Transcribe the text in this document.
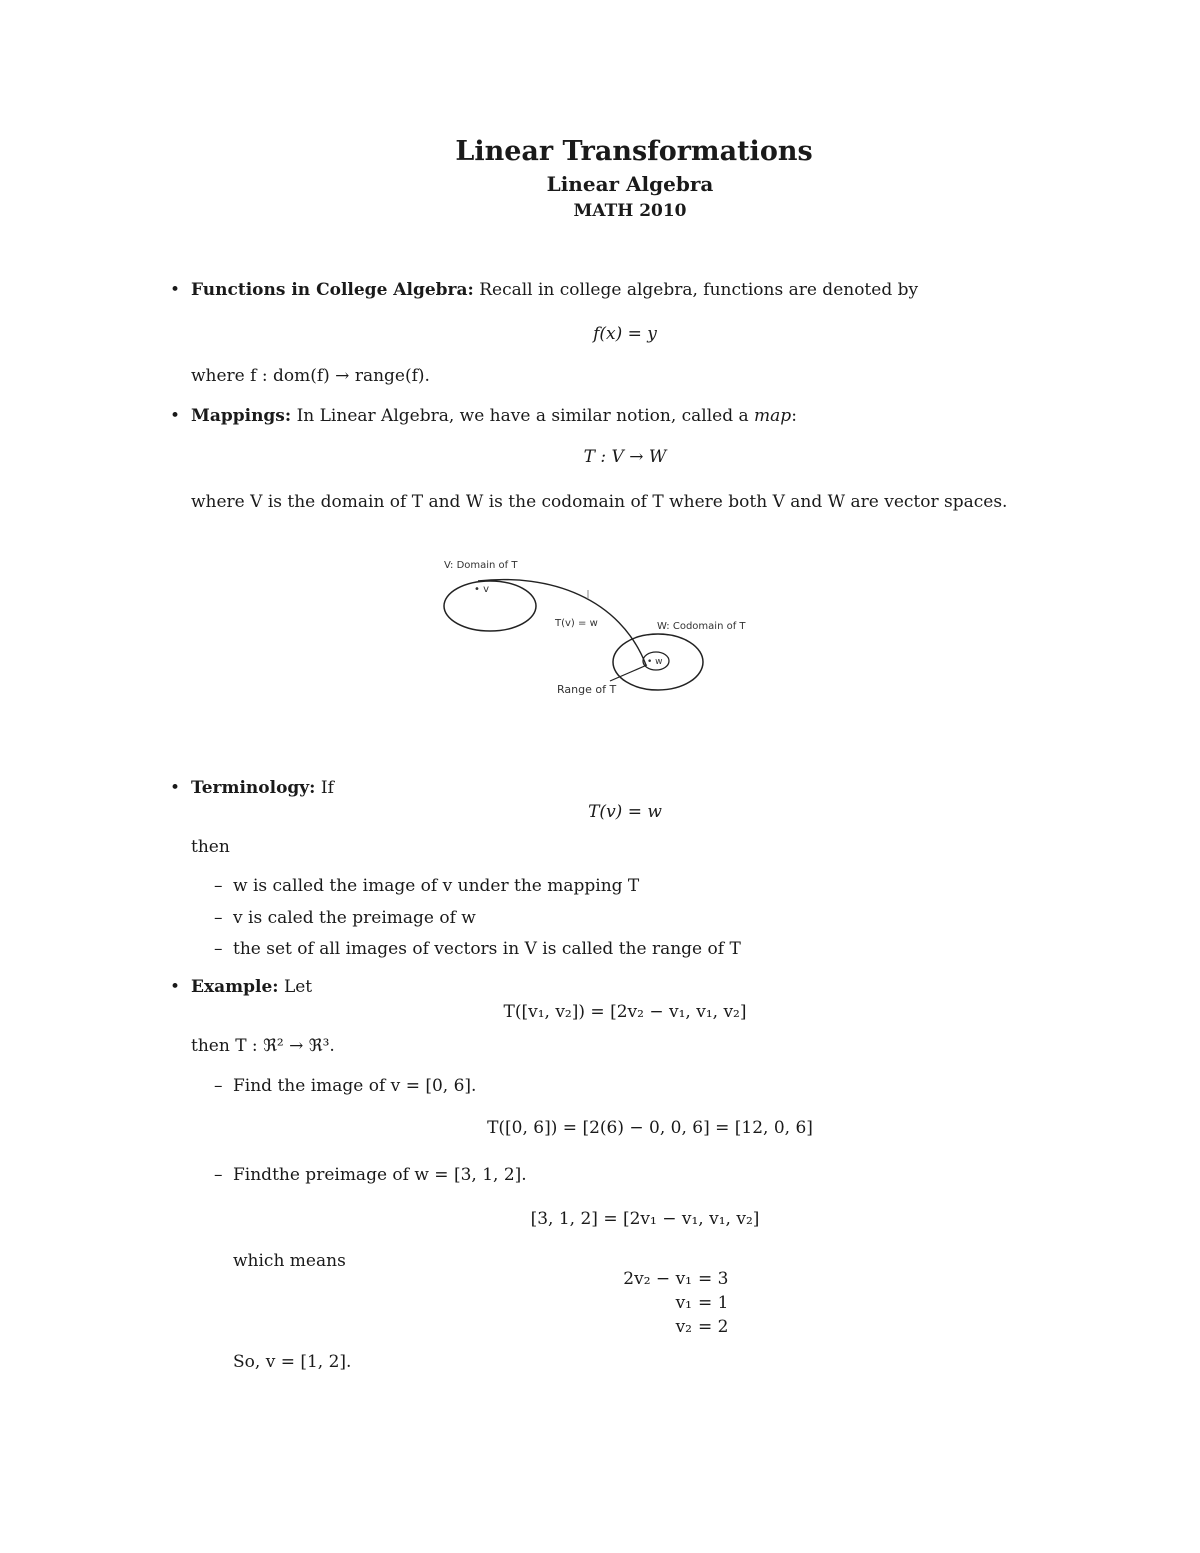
Linear Transformations
Linear Algebra
MATH 2010
• Functions in College Algebra: Recall in college algebra, functions are denoted by
f(x) = y
where f : dom(f) → range(f).
• Mappings: In Linear Algebra, we have a similar notion, called a map:
T : V → W
where V is the domain of T and W is the codomain of T where both V and W are vector spaces.
V: Domain of T
• v
T(v) = w	W: Codomain of T
• w
Range of T
• Terminology: If
T(v) = w
then
– w is called the image of v under the mapping T
– v is caled the preimage of w
– the set of all images of vectors in V is called the range of T
• Example: Let
T([v₁, v₂]) = [2v₂ − v₁, v₁, v₂]
then T : ℜ² → ℜ³.
– Find the image of v = [0, 6].
T([0, 6]) = [2(6) − 0, 0, 6] = [12, 0, 6]
– Findthe preimage of w = [3, 1, 2].
[3, 1, 2] = [2v₁ − v₁, v₁, v₂]
which means
2v₂ − v₁ = 3
v₁ = 1
v₂ = 2
So, v = [1, 2].
